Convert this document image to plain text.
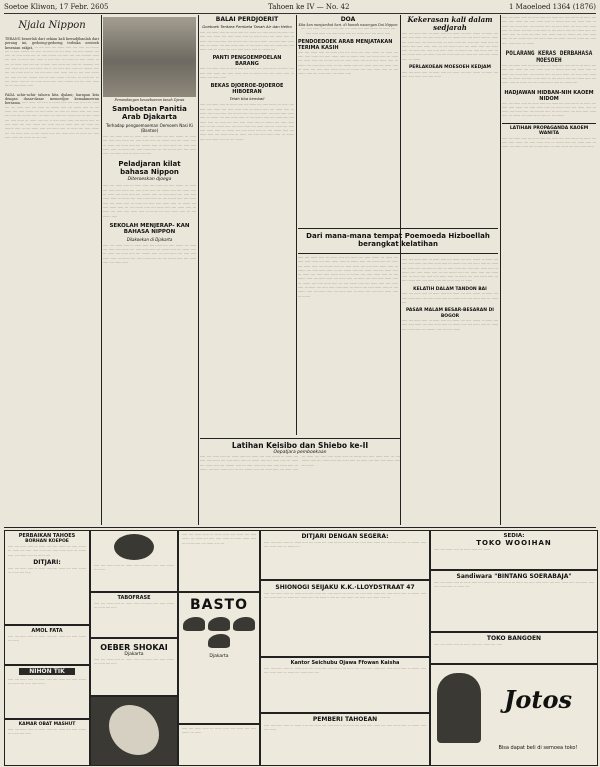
Soetoe Kliwon, 17 Febr. 2605	Tahoen ke IV — No. 42	1 Maoeloed 1364 (1876)
Njala Nippon
TERANG benerlah dari sekian kali kewadjibanlah dari perang ini, gedoeng-gedoeng terbuka oentoek kesenian rakjat, ··· ···· ····· ···· ······ ····· ···· ····· ··· ········ ···· ·· ····· ········ ···· ····· ··· ······ ··· ···· ······ ···· ····· ········ ···· ····· ··· ····· ······ ···· ··· ····· ······· ···· ····· ···· ···· ········· ······ ···· ····· ··· ······ ····· ······ ·· ····· ····· ··· ······ ···· ····· ······· ··· ···· ··· ······ ····· ···· ···· ·· ······ ····· ······ ···· ····· ··· ·········· ···· ····· ······ ···· ··· ····· ······ ···· ·· ···· ····· ····· ······ ··· ········ ····· ···· ···· ······ ····· ·· ···· ···· ······ ····· ······ ···· ··· ···· ····· ······· ···· ····· ···· ···· ········ ····· ··· ····· ······· ···· ····· ··· ······ ···· ··· ···· ······· ····· ··· ··· ······ ······ ····· ····· ········ ···· ···· ····· ······ ··· ··· ····· ······ ·····

PADA achir-achir tahoen kita djalani; harapan kita dengan dasar-dasar menoedjoe kemakmoeran bersama. ····· ······ ···· ····· ·· ······· ····· ···· ····· ······ ··· ······ ···· ···· ······ ····· ···· ······ ··· ········ ····· ···· ······· ····· ··· ···· ······ ···· ····· ······· ···· ····· ······ ··· ····· ··· ······· ····· ···· ······ ···· ····· ···· ········ ····· ··· ······ ···· ····· ···· ······· ···· ··· ····· ······ ···· ····· ······ ··· ······ ····· ···· ·· ····· ······ ····· ···· ······· ····· ··· ····· ······ ···· ····· ······· ···· ······ ···· ··· ······ ····· ···· ······ ···· ········ ····· ··· ···· ······ ····· ···· ······ ····· ··· ······ ···· ····· ······· ···· ···· ······ ····· ··· ···· ······· ····· ···· ······ ····· ··· ······ ···· ····· ····· ······ ···· ······ ··· ···· ·····
Pemandangan kesoeboeran tanah Djawa
Samboetan Panitia Arab Djakarta
Terhadap pengoemoeman Oemoem Nasi Ki (Bantoe)
····· ···· ······ ····· ··· ······ ····· ···· ······ ···· ····· ······· ··· ······ ···· ····· ····· ······ ···· ····· ······ ····· ··· ······· ····· ···· ······ ····· ··· ······ ···· ······ ····· ···· ········ ····· ··· ····· ······ ···· ····· ····· ······ ····· ··· ······· ···· ····· ······ ····· ··· ···· ······· ····· ···· ······ ····· ···· ······ ····· ··· ······ ···· ·····
Peladjaran kilat bahasa Nippon
Diteroeskan djoega
····· ···· ······ ····· ··· ······ ····· ···· ······ ···· ····· ······· ··· ······ ···· ····· ····· ······ ···· ····· ······ ····· ··· ······· ····· ···· ······ ····· ··· ······ ···· ······ ····· ···· ········ ····· ··· ····· ······ ···· ····· ····· ······ ····· ··· ······· ···· ····· ······ ····· ··· ···· ······· ····· ···· ······ ····· ···· ······ ····· ··· ······ ···· ····· ····· ······ ····· ··· ······· ···· ····· ······ ····· ··· ···· ······· ····· ···· ······ ····· ···· ······ ····· ··· ······ ···· ····· ····· ······ ····· ··· ······· ···· ····· ······ ····· ··· ···· ······· ·····
SEKOLAH MENJERAP- KAN BAHASA NIPPON
Dilakoekan di Djakarta
····· ···· ······ ····· ··· ······ ····· ···· ······ ···· ····· ······· ··· ······ ···· ····· ····· ······ ···· ····· ······ ····· ··· ······· ····· ···· ······ ····· ··· ······ ···· ······ ····· ···· ········ ····· ··· ····· ······ ···· ····· ····· ······ ····· ··· ······· ···· ····· ······ ····· ··· ···· ······· ····· ···· ······ ····· ···· ······ ·····
BALAI PERDJOERIT
Goeboek Tentara Pembela Tanah Air dan Heiho
····· ···· ······ ····· ··· ······ ····· ···· ······ ···· ····· ······· ··· ······ ···· ····· ····· ······ ···· ····· ······ ····· ··· ······· ····· ···· ······ ····· ··· ······ ···· ······ ····· ···· ········ ····· ··· ····· ······ ···· ····· ····· ······ ····· ··· ······· ···· ····· ······ ····· ··· ···· ······· ····· ···· ······ ····· ···· ······ ····· ··· ······ ···· ····· ····· ······ ····· ··· ······· ····
PANTI PENGOEMPOELAN BARANG
····· ···· ······ ····· ··· ······ ····· ···· ······ ···· ····· ······· ··· ······ ···· ····· ····· ······ ···· ····· ······ ····· ··· ······· ····· ···· ······ ····· ··· ······ ···· ······ ·····
BEKAS DJOEROE-DJOEROE HIBOERAN
Telah tiba kembali
····· ···· ······ ····· ··· ······ ····· ···· ······ ···· ····· ······· ··· ······ ···· ····· ····· ······ ···· ····· ······ ····· ··· ······· ····· ···· ······ ····· ··· ······ ···· ······ ····· ···· ········ ····· ··· ····· ······ ···· ····· ····· ······ ····· ··· ······· ···· ····· ······ ····· ··· ···· ······· ····· ···· ······ ····· ···· ······ ····· ··· ······ ···· ····· ····· ······ ····· ··· ······· ···· ····· ······ ····· ··· ···· ······· ····· ···· ······ ····· ···· ······ ····· ··· ······ ···· ····· ····· ······ ····· ··· ······· ···· ····· ······ ····· ··· ···· ······· ····· ···· ······ ····· ···· ······ ····· ··· ······ ···· ····· ····· ······ ····· ··· ······· ···· ····· ······ ····· ··· ···· ·······
DOA
Kita kan menjambut hari, di bawah naoengan Dai Nippon
···· ····· ······ ····· ··· ······ ····· ···· ······ ···· ····· ······· ··· ······ ···· ····· ····· ······ ···· ····· ······ ····· ··· ······· ····· ···· ······ ·····
PENDOEDOEK ARAB MENJATAKAN TERIMA KASIH
····· ···· ······ ····· ··· ······ ····· ···· ······ ···· ····· ······· ··· ······ ···· ····· ····· ······ ···· ····· ······ ····· ··· ······· ····· ···· ······ ····· ··· ······ ···· ······ ····· ···· ········ ····· ··· ····· ······ ···· ····· ····· ······ ····· ··· ······· ···· ····· ······ ····· ··· ···· ······· ····· ···· ······ ····· ···· ······ ····· ··· ······ ···· ····· ····· ······ ····· ··· ······· ···· ····· ······ ····· ··· ···· ······· ····· ···· ······ ····· ···· ······ ·····
Dari mana-mana tempat Poemoeda Hizboellah berangkat kelatihan
····· ···· ······ ····· ··· ······ ····· ···· ······ ···· ····· ······· ··· ······ ···· ····· ····· ······ ···· ····· ······ ····· ··· ······· ····· ···· ······ ····· ··· ······ ···· ······ ····· ···· ········ ····· ··· ····· ······ ···· ····· ····· ······ ····· ··· ······· ···· ····· ······ ····· ··· ···· ······· ····· ···· ······ ····· ···· ······ ····· ··· ······ ···· ····· ····· ······ ····· ··· ······· ···· ····· ······ ····· ··· ···· ······· ····· ···· ······ ····· ···· ······ ····· ··· ······ ···· ····· ····· ······ ····· ··· ······· ···· ····· ······ ····· ··· ···· ······· ····· ···· ······ ····· ···· ······ ····· ··· ······ ···· ····· ····· ······ ····· ··· ······· ···· ····· ······ ····· ··· ···· ······· ····· ···· ······ ····· ···· ······ ····· ··· ······ ···· ····· ····· ······ ····· ··· ·······
Kekerasan kali dalam sedjarah
····· ···· ······ ····· ··· ······ ····· ···· ······ ···· ····· ······· ··· ······ ···· ····· ····· ······ ···· ····· ······ ····· ··· ······· ····· ···· ······ ····· ··· ······ ···· ······ ····· ···· ········ ····· ··· ····· ······ ···· ····· ····· ······ ····· ··· ······· ···· ····· ······ ····· ··· ···· ······· ····· ···· ······ ····· ···· ······ ····· ··· ······ ···· ····· ····· ······ ····· ··· ······· ···· ····· ······ ····· ··· ···· ······· ····· ···· ······ ····· ···· ······ ····· ··· ······ ···· ····· ····· ······ ····· ··· ·······
PERLAKOEAN MOESOEH KEDJAM
····· ···· ······ ····· ··· ······ ····· ···· ······ ···· ····· ······· ··· ······ ···· ····· ····· ······ ···· ····· ······
····· ···· ······ ····· ··· ······ ····· ···· ······ ···· ····· ······· ··· ······ ···· ····· ····· ······ ···· ····· ······ ····· ··· ······· ····· ···· ······ ····· ··· ······ ···· ······ ····· ···· ········ ····· ··· ····· ······ ···· ····· ····· ······ ····· ··· ······· ···· ····· ······ ····· ··· ···· ······· ····· ···· ······ ····· ···· ······ ····· ··· ······ ···· ····· ····· ······ ····· ··· ······· ···· ····· ······ ····· ··· ···· ······· ····· ···· ······ ····· ···· ······ ····· ··· ······
KELATIH DALAM TANDON BAI
····· ···· ······ ····· ··· ······ ····· ···· ······ ···· ····· ······· ··· ······ ···· ····· ····· ······ ···· ····· ······ ····· ··· ······· ····· ···· ······ ····· ··· ······ ····
PASAR MALAM BESAR-BESARAN DI BOGOR
····· ···· ······ ····· ··· ······ ····· ···· ······ ···· ····· ······· ··· ······ ···· ····· ····· ······ ···· ····· ······ ····· ··· ······· ····· ···· ······ ····· ··· ······ ···· ······ ····· ···· ········ ····· ··· ····· ······
····· ···· ······ ····· ··· ······ ····· ···· ······ ···· ····· ······· ··· ······ ···· ····· ····· ······ ···· ····· ······ ····· ··· ······· ····· ···· ······ ····· ··· ······ ···· ······ ····· ···· ········ ····· ··· ····· ······ ···· ····· ····· ······ ····· ··· ······· ···· ····· ······ ····· ··· ···· ······· ····· ···· ······ ····· ···· ······ ····· ··· ······ ···· ····· ····· ······ ····· ··· ······· ···· ····· ······ ····· ··· ···· ······· ····· ···· ······ ····· ···· ······ ····· ··· ······ ···· ····· ····· ······ ····· ··· ·······
POLARANG KERAS DERBAHASA MOESOEH
····· ···· ······ ····· ··· ······ ····· ···· ······ ···· ····· ······· ··· ······ ···· ····· ····· ······ ···· ····· ······ ····· ··· ······· ····· ···· ······ ····· ··· ······ ···· ······ ····· ···· ········ ····· ··· ····· ······ ···· ····· ····· ······ ····· ··· ······· ···· ····· ······ ····· ··· ···· ······· ····· ···· ······ ····· ···· ······ ····· ··· ······ ···· ····· ····· ······ ····· ··· ······· ····
HADJAWAN HIDBAN-NIH KAOEM NIDOM
····· ···· ······ ····· ··· ······ ····· ···· ······ ···· ····· ······· ··· ······ ···· ····· ····· ······ ···· ····· ······ ····· ··· ······· ····· ···· ······ ····· ··· ······ ···· ······ ····· ···· ········ ····· ··· ····· ······ ···· ····· ····· ······ ····· ··· ······· ···· ····· ······ ····· ··· ···· ·······
LATIHAN PROPAGANDA KAOEM WANITA
····· ···· ······ ····· ··· ······ ····· ···· ······ ···· ····· ······· ··· ······ ···· ····· ····· ······ ···· ····· ······ ····· ··· ······· ····· ···· ······ ····· ··· ······ ···· ······ ····· ···· ········ ····· ··· ····· ······ ···· ····· ····· ······
Latihan Keisibo dan Shiebo ke-II
Oepatjara pemboekaan
····· ···· ······ ····· ··· ······ ····· ···· ······ ···· ····· ······· ··· ······ ···· ····· ····· ······ ···· ····· ······ ····· ··· ······· ····· ···· ······ ····· ··· ······ ···· ······ ····· ···· ········ ····· ··· ····· ······ ···· ····· ····· ······ ····· ··· ······· ···· ····· ······ ····· ··· ···· ······· ····· ···· ······ ····· ···· ······ ····· ··· ······ ···· ····· ····· ······ ····· ··· ······· ···· ····· ······ ····· ··· ···· ······· ····· ···· ······ ····· ···· ······ ····· ··· ······ ···· ····· ····· ······ ····· ··· ·······
PERBAIKAN TAHOES
BORHAN KOEPOE
····· ···· ······ ····· ··· ······ ····· ···· ······ ···· ····· ······· ··· ······ ···· ····· ····· ······ ···· ····· ······ ····· ··· ······· ····· ···· ······ ····· ··· ······ ····
DITJARI:
····· ···· ······ ····· ··· ······ ····· ···· ······ ···· ····· ······· ··· ······ ···· ·····
AMOL FATA
····· ···· ······ ····· ··· ······ ····· ···· ······ ···· ····· ······· ··· ······
NIHON TIK
····· ···· ······ ····· ··· ······ ····· ···· ······ ···· ····· ······· ··· ······ ···· ····· ····· ······
KAMAR OBAT MASHUT
····· ···· ······ ····· ··· ······ ····· ···· ······ ···· ····· ······· ··· ······ ···· ·····
····· ···· ······ ····· ··· ······ ····· ···· ······ ···· ····· ······· ··· ······
TABOFRASE
····· ···· ······ ····· ··· ······ ····· ···· ······ ···· ····· ······· ··· ······ ···· ·····
OEBER SHOKAI
Djakarta
····· ···· ······ ····· ··· ······ ····· ···· ······ ···· ····· ······· ··· ······ ···· ·····
····· ···· ······ ····· ··· ······ ····· ···· ······ ···· ····· ······· ··· ······ ···· ····· ····· ······ ···· ····· ······ ····· ··· ······· ····· ···· ······ ····· ···
BASTO
Djakarta
····· ···· ······ ····· ··· ······ ····· ···· ······ ···· ····· ······· ··· ······
DITJARI DENGAN SEGERA:
····· ···· ······ ····· ··· ······ ····· ···· ······ ···· ····· ······· ··· ······ ···· ····· ····· ······ ···· ····· ······ ····· ··· ······· ····· ···· ······ ····· ··· ······ ····
SHIONOGI SEIJAKU K.K.·LLOYDSTRAAT 47
····· ···· ······ ····· ··· ······ ····· ···· ······ ···· ····· ······· ··· ······ ···· ····· ····· ······ ···· ····· ······ ····· ··· ······· ····· ···· ······ ····· ··· ······ ···· ······ ····· ···· ········ ····· ··· ····· ······ ···· ····· ····· ······ ····· ···
Kantor Seichubu Ojawa Ffowan Kaisha
····· ···· ······ ····· ··· ······ ····· ···· ······ ···· ····· ······· ··· ······ ···· ····· ····· ······ ···· ····· ······ ····· ··· ······· ····· ···· ······ ····· ··· ······ ···· ······ ····· ····
PEMBERI TAHOEAN
····· ···· ······ ····· ··· ······ ····· ···· ······ ···· ····· ······· ··· ······ ···· ····· ····· ······ ···· ····· ······ ····· ··· ······· ····· ···· ······
SEDIA:
TOKO WOOIHAN
····· ···· ······ ····· ··· ······ ····· ···· ······
Sandiwara "BINTANG SOERABAJA"
····· ···· ······ ····· ··· ······ ····· ···· ······ ···· ····· ······· ··· ······ ···· ····· ····· ······ ···· ····· ······ ····· ··· ······· ····· ···· ······ ····· ··· ······ ····
TOKO BANGOEN
····· ···· ······ ····· ··· ······ ····· ···· ······ ···· ·····
Jotos
Bisa dapat beli di semoea toko!
